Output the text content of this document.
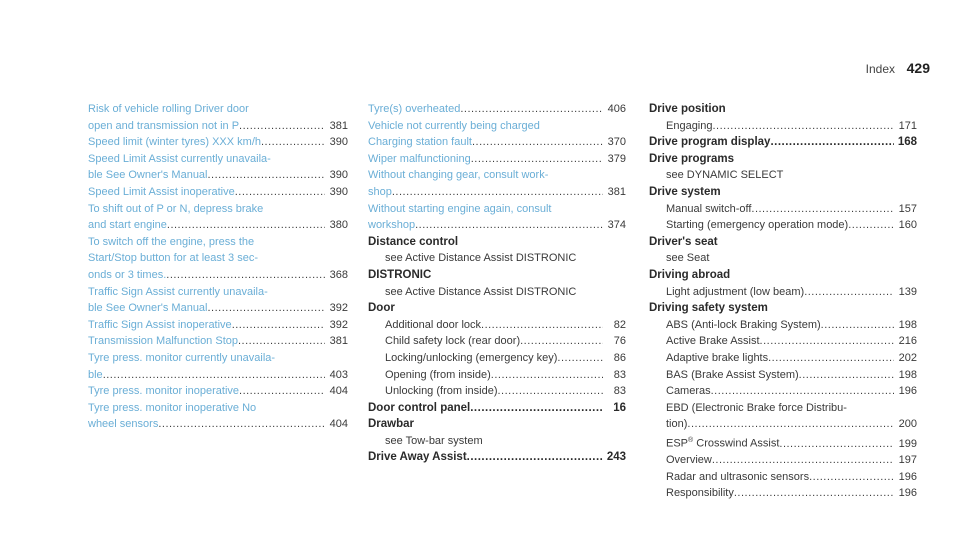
Index 429
Risk of vehicle rolling Driver door
open and transmission not in P .....	381
Speed limit (winter tyres) XXX km/h .....	390
Speed Limit Assist currently unavaila-
ble See Owner's Manual .....	390
Speed Limit Assist inoperative .....	390
To shift out of P or N, depress brake
and start engine .....	380
To switch off the engine, press the
Start/Stop button for at least 3 sec-
onds or 3 times. .....	368
Traffic Sign Assist currently unavaila-
ble See Owner's Manual .....	392
Traffic Sign Assist inoperative .....	392
Transmission Malfunction Stop .....	381
Tyre press. monitor currently unavaila-
ble .....	403
Tyre press. monitor inoperative .....	404
Tyre press. monitor inoperative No
wheel sensors .....	404
Tyre(s) overheated .....	406
Vehicle not currently being charged
Charging station fault .....	370
Wiper malfunctioning .....	379
Without changing gear, consult work-
shop .....	381
Without starting engine again, consult
workshop .....	374
Distance control
see Active Distance Assist DISTRONIC
DISTRONIC
see Active Distance Assist DISTRONIC
Door
Additional door lock .....	82
Child safety lock (rear door) .....	76
Locking/unlocking (emergency key) .....	86
Opening (from inside) .....	83
Unlocking (from inside) .....	83
Door control panel .....	16
Drawbar
see Tow-bar system
Drive Away Assist .....	243
Drive position
Engaging .....	171
Drive program display .....	168
Drive programs
see DYNAMIC SELECT
Drive system
Manual switch-off .....	157
Starting (emergency operation mode) .....	160
Driver's seat
see Seat
Driving abroad
Light adjustment (low beam) .....	139
Driving safety system
ABS (Anti-lock Braking System) .....	198
Active Brake Assist .....	216
Adaptive brake lights .....	202
BAS (Brake Assist System) .....	198
Cameras .....	196
EBD (Electronic Brake force Distribu-
tion) .....	200
ESP® Crosswind Assist .....	199
Overview .....	197
Radar and ultrasonic sensors .....	196
Responsibility .....	196
